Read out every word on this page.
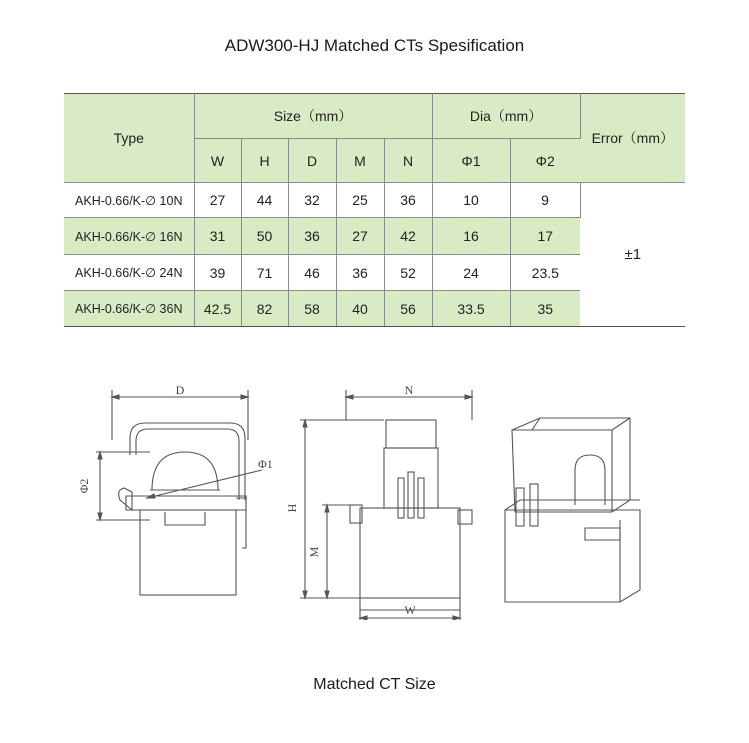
ADW300-HJ Matched CTs Spesification
Type	Size（mm）					Dia（mm）		Error（mm）
	W	H	D	M	N	Φ1	Φ2	
AKH-0.66/K-∅ 10N	27	44	32	25	36	10	9	±1
AKH-0.66/K-∅ 16N	31	50	36	27	42	16	17	
AKH-0.66/K-∅ 24N	39	71	46	36	52	24	23.5	
AKH-0.66/K-∅ 36N	42.5	82	58	40	56	33.5	35	
D
Φ1
Φ2
N
H
M
W
Matched CT Size
